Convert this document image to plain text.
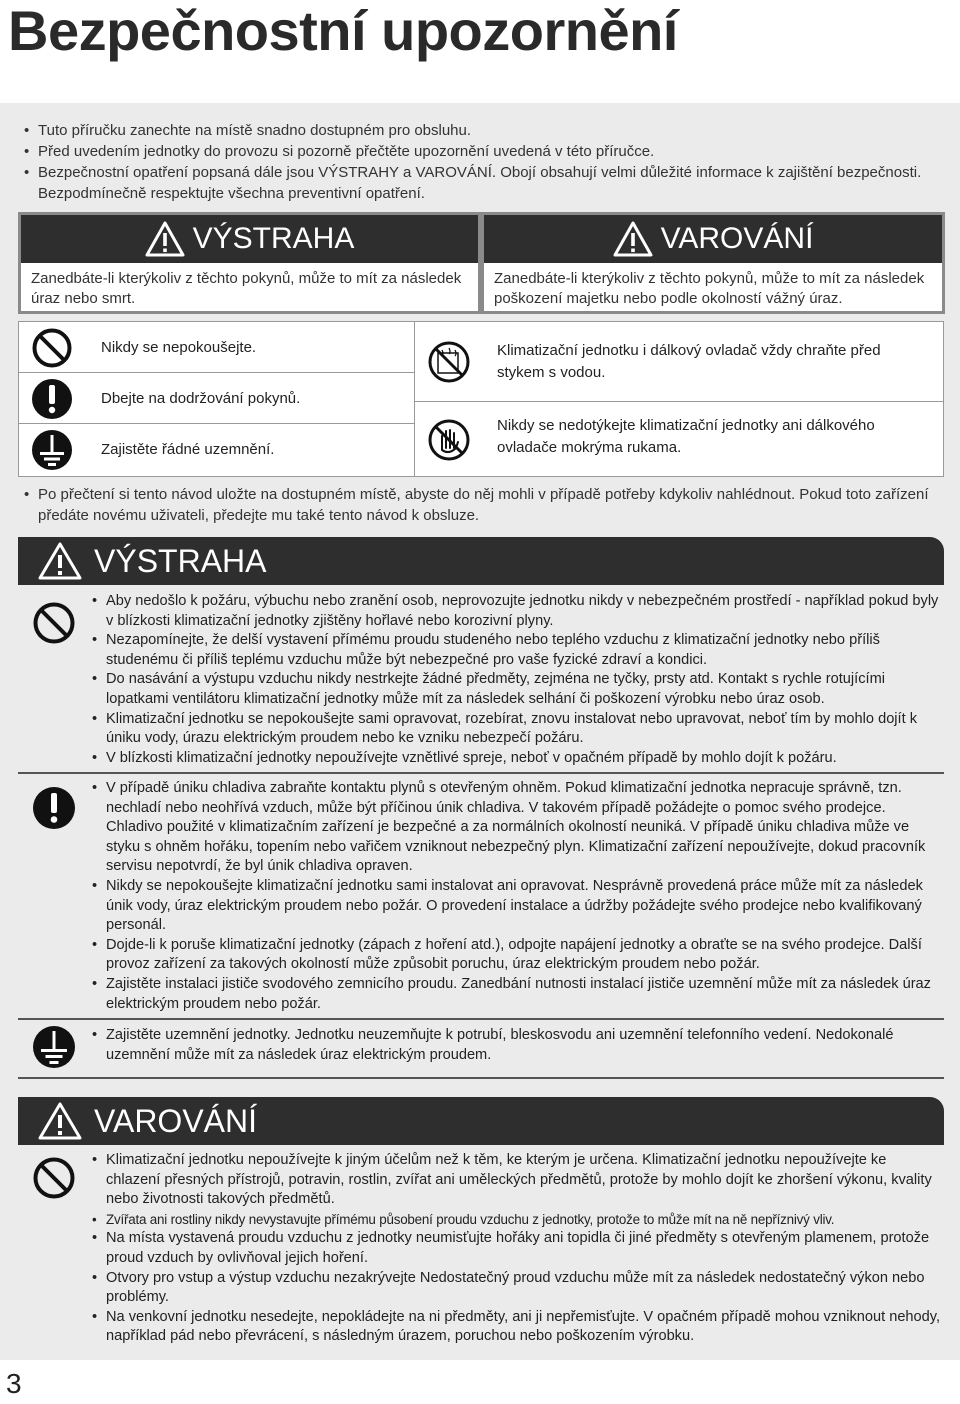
Bezpečnostní upozornění
• Tuto příručku zanechte na místě snadno dostupném pro obsluhu.
• Před uvedením jednotky do provozu si pozorně přečtěte upozornění uvedená v této příručce.
• Bezpečnostní opatření popsaná dále jsou VÝSTRAHY a VAROVÁNÍ. Obojí obsahují velmi důležité informace k zajištění bezpečnosti. Bezpodmínečně respektujte všechna preventivní opatření.
VÝSTRAHA
Zanedbáte-li kterýkoliv z těchto pokynů, může to mít za následek úraz nebo smrt.
VAROVÁNÍ
Zanedbáte-li kterýkoliv z těchto pokynů, může to mít za následek poškození majetku nebo podle okolností vážný úraz.
Nikdy se nepokoušejte.
Dbejte na dodržování pokynů.
Zajistěte řádné uzemnění.
Klimatizační jednotku i dálkový ovladač vždy chraňte před stykem s vodou.
Nikdy se nedotýkejte klimatizační jednotky ani dálkového ovladače mokrýma rukama.
• Po přečtení si tento návod uložte na dostupném místě, abyste do něj mohli v případě potřeby kdykoliv nahlédnout. Pokud toto zařízení předáte novému uživateli, předejte mu také tento návod k obsluze.
VÝSTRAHA
• Aby nedošlo k požáru, výbuchu nebo zranění osob, neprovozujte jednotku nikdy v nebezpečném prostředí - například pokud byly v blízkosti klimatizační jednotky zjištěny hořlavé nebo korozivní plyny.
• Nezapomínejte, že delší vystavení přímému proudu studeného nebo teplého vzduchu z klimatizační jednotky nebo příliš studenému či příliš teplému vzduchu může být nebezpečné pro vaše fyzické zdraví a kondici.
• Do nasávání a výstupu vzduchu nikdy nestrkejte žádné předměty, zejména ne tyčky, prsty atd. Kontakt s rychle rotujícími lopatkami ventilátoru klimatizační jednotky může mít za následek selhání či poškození výrobku nebo úraz osob.
• Klimatizační jednotku se nepokoušejte sami opravovat, rozebírat, znovu instalovat nebo upravovat, neboť tím by mohlo dojít k úniku vody, úrazu elektrickým proudem nebo ke vzniku nebezpečí požáru.
• V blízkosti klimatizační jednotky nepoužívejte vznětlivé spreje, neboť v opačném případě by mohlo dojít k požáru.
• V případě úniku chladiva zabraňte kontaktu plynů s otevřeným ohněm. Pokud klimatizační jednotka nepracuje správně, tzn. nechladí nebo neohřívá vzduch, může být příčinou únik chladiva. V takovém případě požádejte o pomoc svého prodejce. Chladivo použité v klimatizačním zařízení je bezpečné a za normálních okolností neuniká. V případě úniku chladiva může ve styku s ohněm hořáku, topením nebo vařičem vzniknout nebezpečný plyn. Klimatizační zařízení nepoužívejte, dokud pracovník servisu nepotvrdí, že byl únik chladiva opraven.
• Nikdy se nepokoušejte klimatizační jednotku sami instalovat ani opravovat. Nesprávně provedená práce může mít za následek únik vody, úraz elektrickým proudem nebo požár. O provedení instalace a údržby požádejte svého prodejce nebo kvalifikovaný personál.
• Dojde-li k poruše klimatizační jednotky (zápach z hoření atd.), odpojte napájení jednotky a obraťte se na svého prodejce. Další provoz zařízení za takových okolností může způsobit poruchu, úraz elektrickým proudem nebo požár.
• Zajistěte instalaci jističe svodového zemnicího proudu. Zanedbání nutnosti instalací jističe uzemnění může mít za následek úraz elektrickým proudem nebo požár.
• Zajistěte uzemnění jednotky. Jednotku neuzemňujte k potrubí, bleskosvodu ani uzemnění telefonního vedení. Nedokonalé uzemnění může mít za následek úraz elektrickým proudem.
VAROVÁNÍ
• Klimatizační jednotku nepoužívejte k jiným účelům než k těm, ke kterým je určena. Klimatizační jednotku nepoužívejte ke chlazení přesných přístrojů, potravin, rostlin, zvířat ani uměleckých předmětů, protože by mohlo dojít ke zhoršení výkonu, kvality nebo životnosti takových předmětů.
• Zvířata ani rostliny nikdy nevystavujte přímému působení proudu vzduchu z jednotky, protože to může mít na ně nepříznivý vliv.
• Na místa vystavená proudu vzduchu z jednotky neumisťujte hořáky ani topidla či jiné předměty s otevřeným plamenem, protože proud vzduch by ovlivňoval jejich hoření.
• Otvory pro vstup a výstup vzduchu nezakrývejte Nedostatečný proud vzduchu může mít za následek nedostatečný výkon nebo problémy.
• Na venkovní jednotku nesedejte, nepokládejte na ni předměty, ani ji nepřemisťujte. V opačném případě mohou vzniknout nehody, například pád nebo převrácení, s následným úrazem, poruchou nebo poškozením výrobku.
3
